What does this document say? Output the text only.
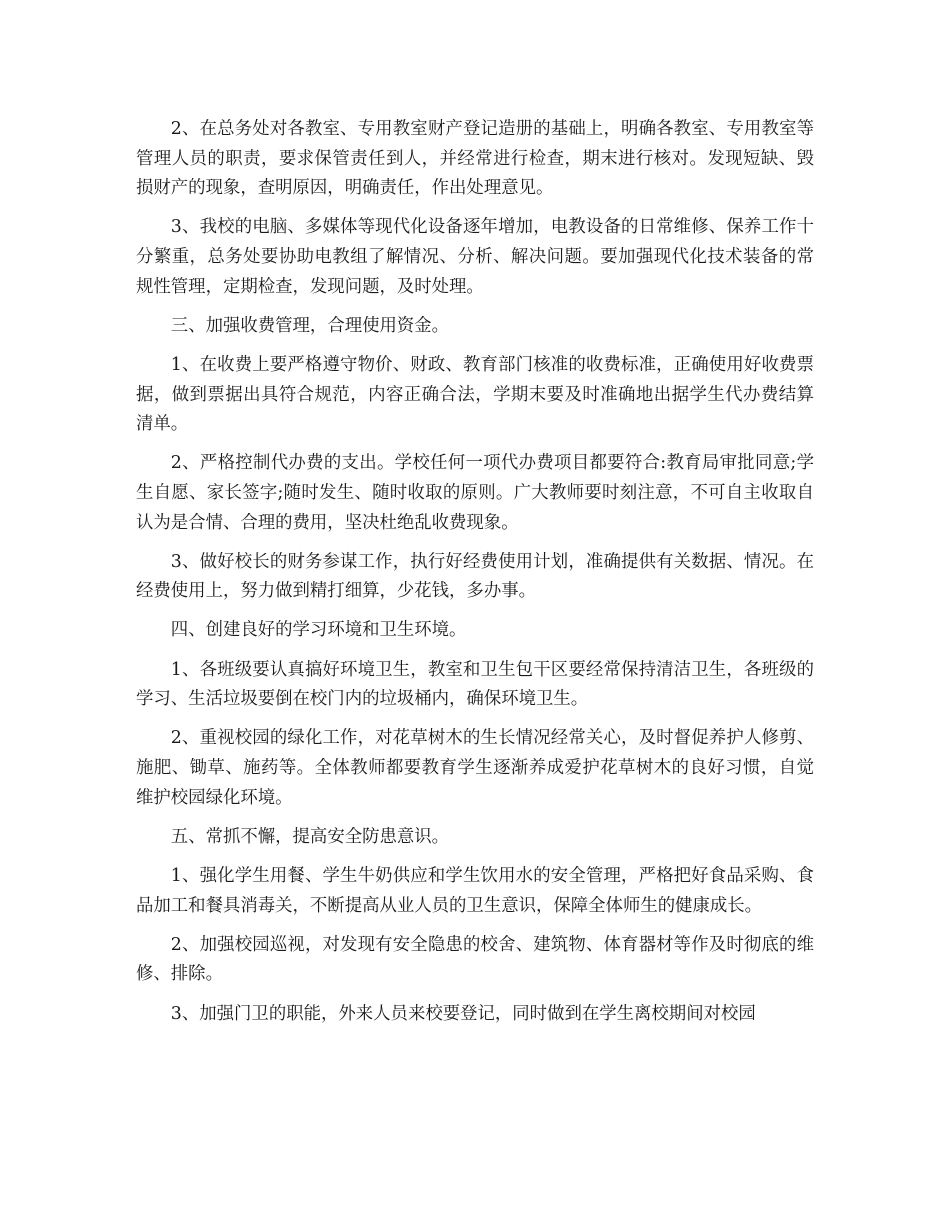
2、在总务处对各教室、专用教室财产登记造册的基础上，明确各教室、专用教室等管理人员的职责，要求保管责任到人，并经常进行检查，期末进行核对。发现短缺、毁损财产的现象，查明原因，明确责任，作出处理意见。

3、我校的电脑、多媒体等现代化设备逐年增加，电教设备的日常维修、保养工作十分繁重，总务处要协助电教组了解情况、分析、解决问题。要加强现代化技术装备的常规性管理，定期检查，发现问题，及时处理。

三、加强收费管理，合理使用资金。

1、在收费上要严格遵守物价、财政、教育部门核准的收费标准，正确使用好收费票据，做到票据出具符合规范，内容正确合法，学期末要及时准确地出据学生代办费结算清单。

2、严格控制代办费的支出。学校任何一项代办费项目都要符合:教育局审批同意;学生自愿、家长签字;随时发生、随时收取的原则。广大教师要时刻注意，不可自主收取自认为是合情、合理的费用，坚决杜绝乱收费现象。

3、做好校长的财务参谋工作，执行好经费使用计划，准确提供有关数据、情况。在经费使用上，努力做到精打细算，少花钱，多办事。

四、创建良好的学习环境和卫生环境。

1、各班级要认真搞好环境卫生，教室和卫生包干区要经常保持清洁卫生，各班级的学习、生活垃圾要倒在校门内的垃圾桶内，确保环境卫生。

2、重视校园的绿化工作，对花草树木的生长情况经常关心，及时督促养护人修剪、施肥、锄草、施药等。全体教师都要教育学生逐渐养成爱护花草树木的良好习惯，自觉维护校园绿化环境。

五、常抓不懈，提高安全防患意识。

1、强化学生用餐、学生牛奶供应和学生饮用水的安全管理，严格把好食品采购、食品加工和餐具消毒关，不断提高从业人员的卫生意识，保障全体师生的健康成长。

2、加强校园巡视，对发现有安全隐患的校舍、建筑物、体育器材等作及时彻底的维修、排除。

3、加强门卫的职能，外来人员来校要登记，同时做到在学生离校期间对校园
